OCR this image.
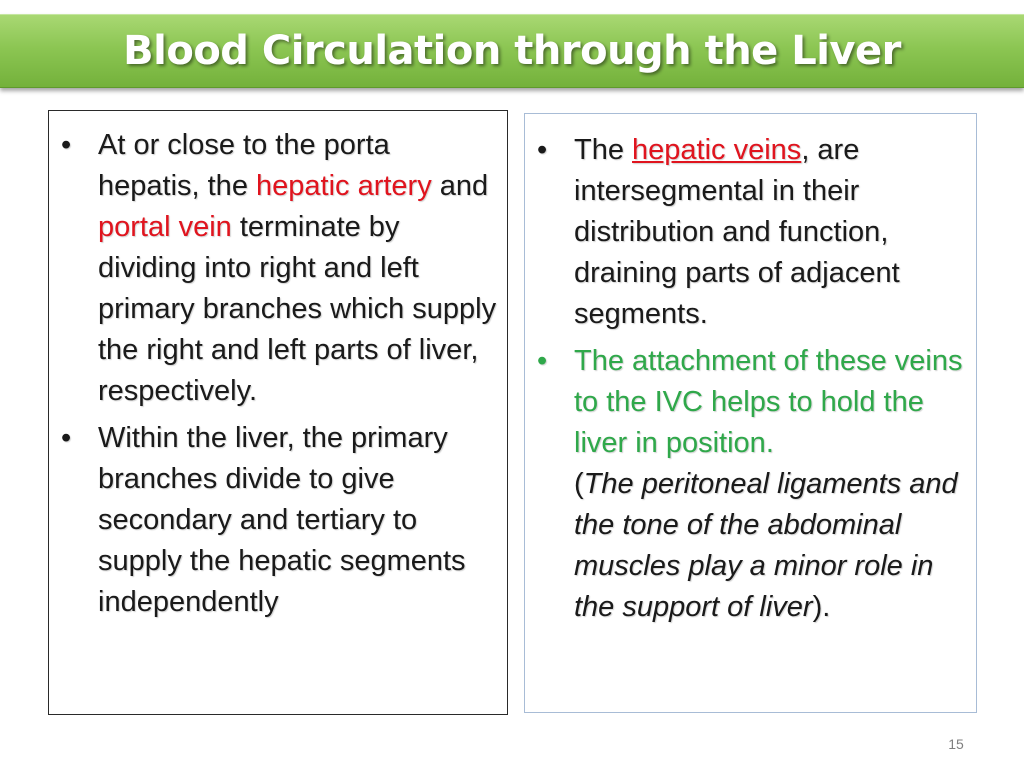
Blood Circulation through the Liver
• At or close to the porta hepatis, the hepatic artery and portal vein terminate by dividing into right and left primary branches which supply the right and left parts of liver, respectively.
• Within the liver, the primary branches divide to give secondary and tertiary to supply the hepatic segments independently
• The hepatic veins, are intersegmental in their distribution and function, draining parts of adjacent segments.
• The attachment of these veins to the IVC helps to hold the liver in position.
(The peritoneal ligaments and the tone of the abdominal muscles play a minor role in the support of liver).
15
